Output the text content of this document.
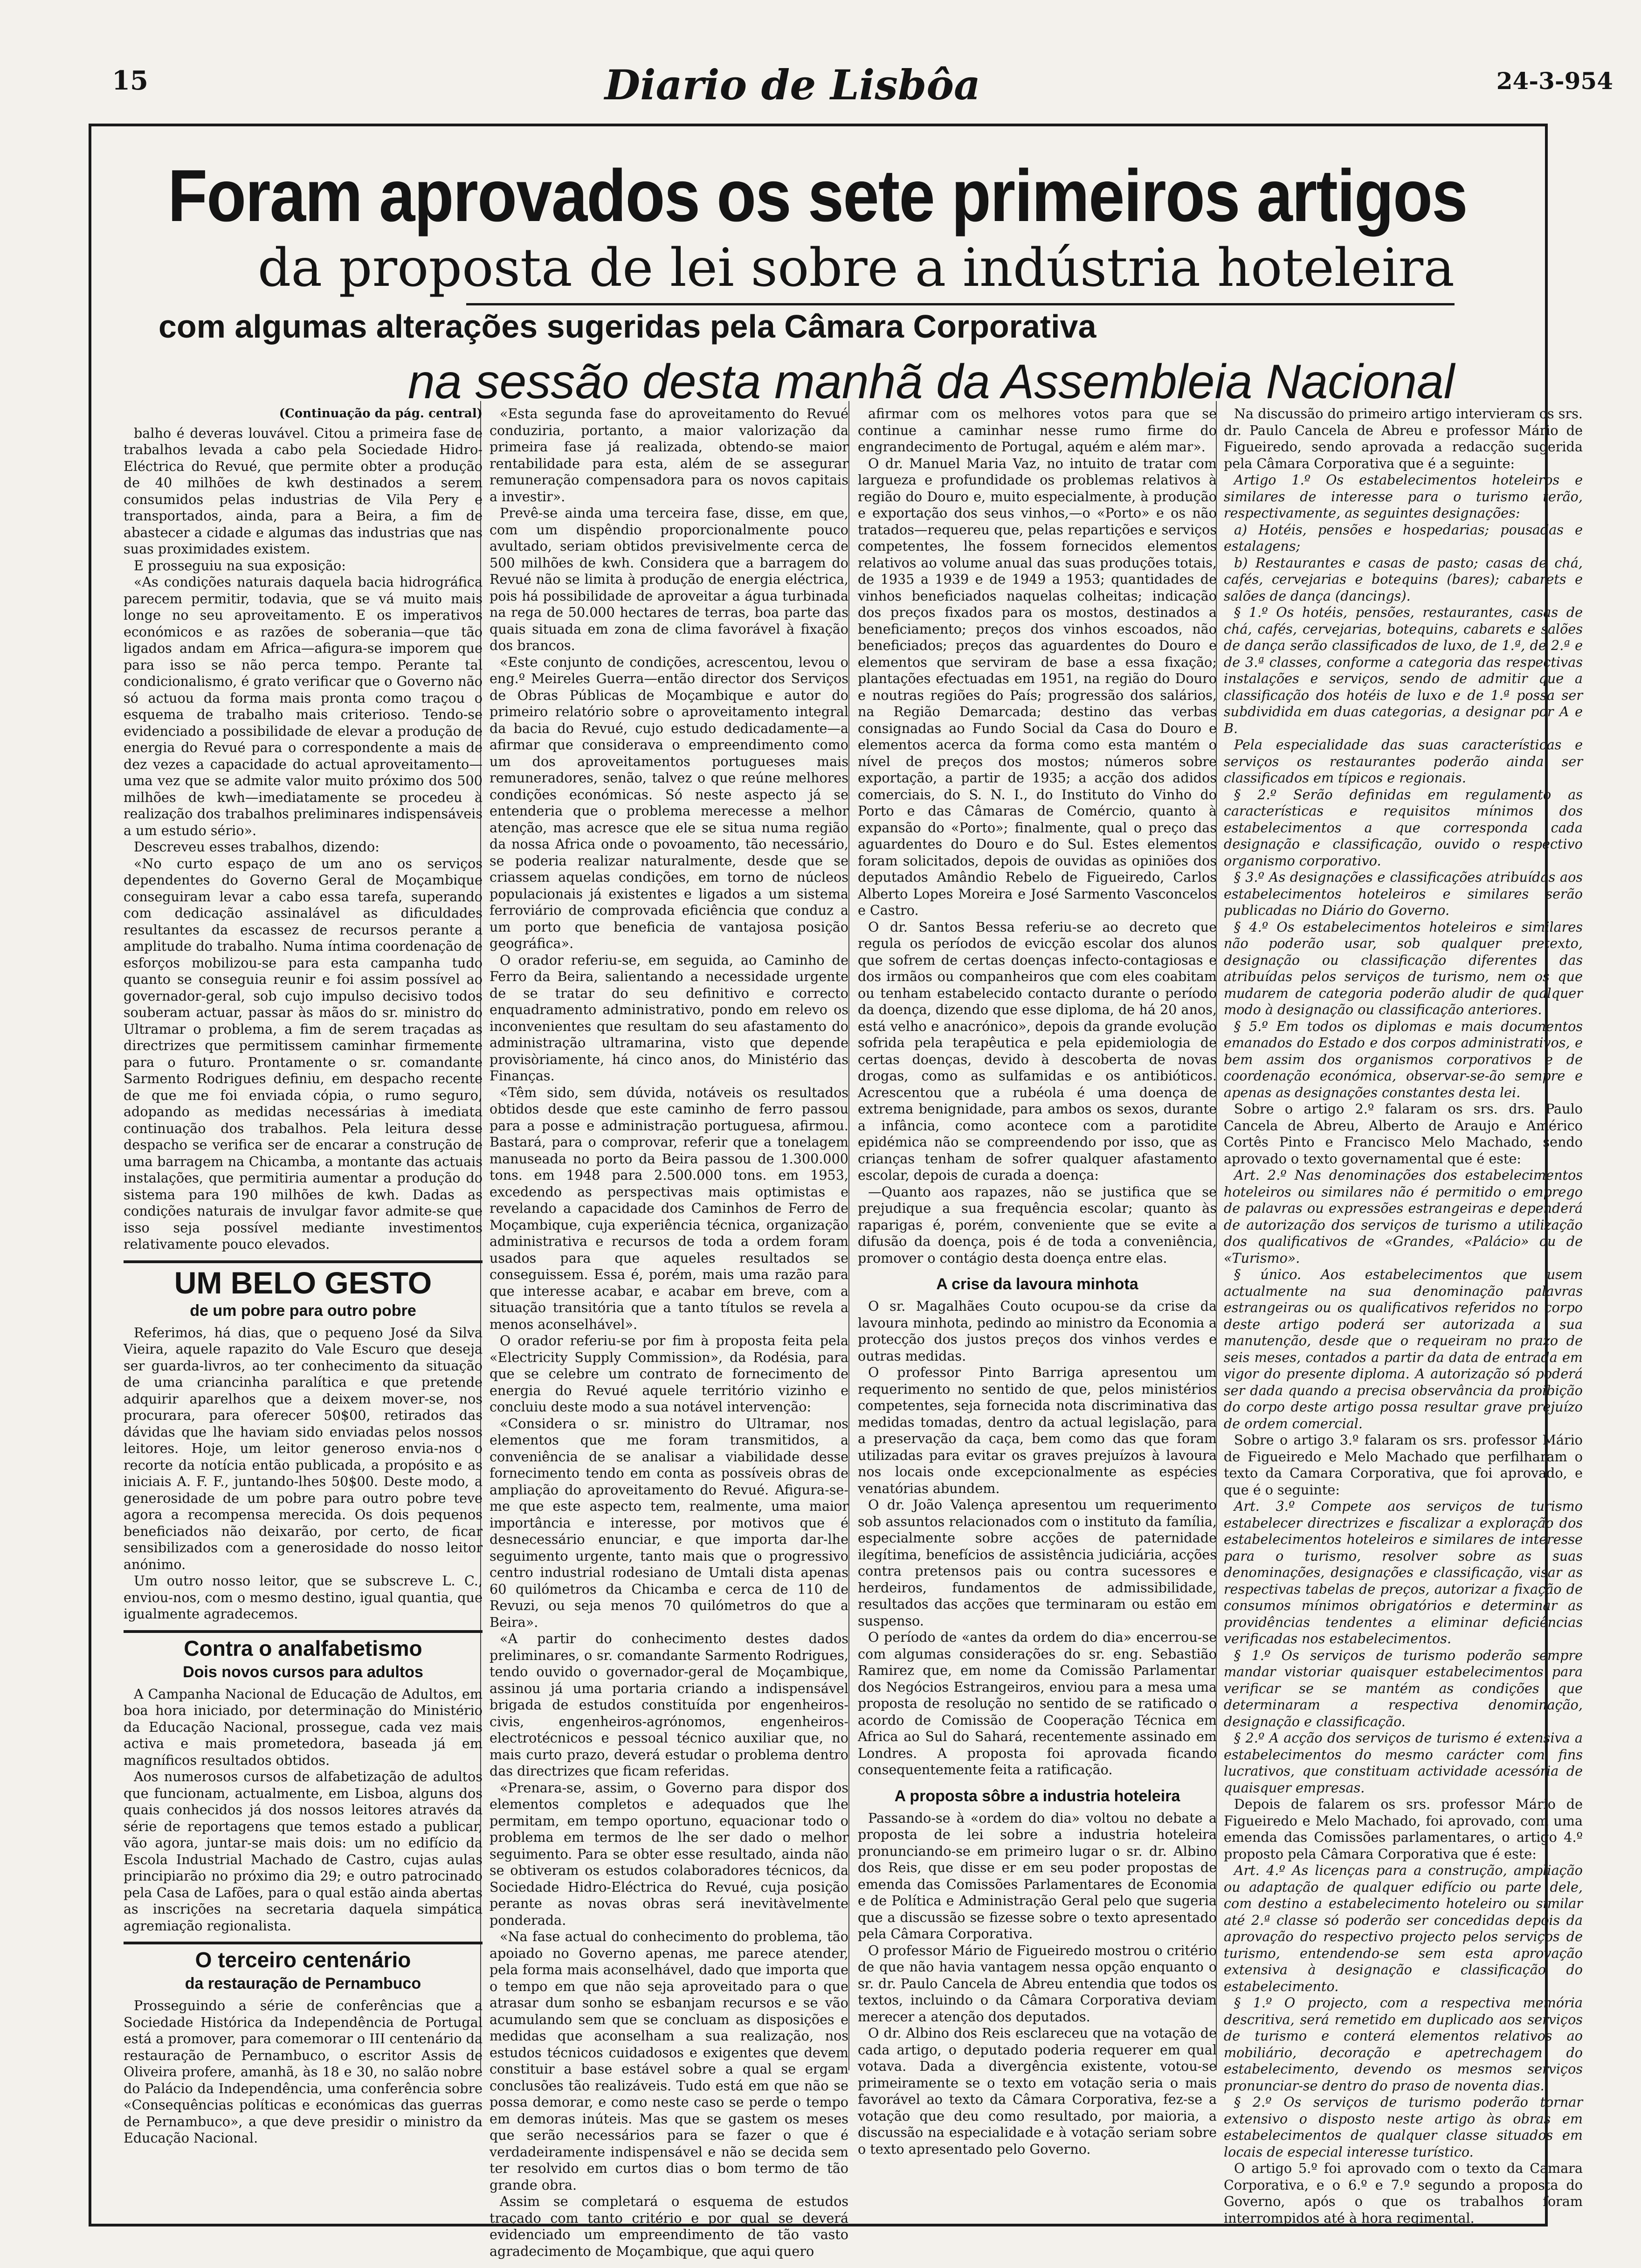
15	Diario de Lisbôa	24-3-954
Foram aprovados os sete primeiros artigos
da proposta de lei sobre a indústria hoteleira
com algumas alterações sugeridas pela Câmara Corporativa
na sessão desta manhã da Assembleia Nacional
(Continuação da pág. central)

balho é deveras louvável. Citou a primeira fase de trabalhos levada a cabo pela Sociedade Hidro-Eléctrica do Revué, que permite obter a produção de 40 milhões de kwh destinados a serem consumidos pelas industrias de Vila Pery e transportados, ainda, para a Beira, a fim de abastecer a cidade e algumas das industrias que nas suas proximidades existem.

E prosseguiu na sua exposição:

«As condições naturais daquela bacia hidrográfica parecem permitir, todavia, que se vá muito mais longe no seu aproveitamento. E os imperativos económicos e as razões de soberania—que tão ligados andam em Africa—afigura-se imporem que para isso se não perca tempo. Perante tal condicionalismo, é grato verificar que o Governo não só actuou da forma mais pronta como traçou o esquema de trabalho mais criterioso. Tendo-se evidenciado a possibilidade de elevar a produção de energia do Revué para o correspondente a mais de dez vezes a capacidade do actual aproveitamento—uma vez que se admite valor muito próximo dos 500 milhões de kwh—imediatamente se procedeu à realização dos trabalhos preliminares indispensáveis a um estudo sério».

Descreveu esses trabalhos, dizendo:

«No curto espaço de um ano os serviços dependentes do Governo Geral de Moçambique conseguiram levar a cabo essa tarefa, superando com dedicação assinalável as dificuldades resultantes da escassez de recursos perante a amplitude do trabalho. Numa íntima coordenação de esforços mobilizou-se para esta campanha tudo quanto se conseguia reunir e foi assim possível ao governador-geral, sob cujo impulso decisivo todos souberam actuar, passar às mãos do sr. ministro do Ultramar o problema, a fim de serem traçadas as directrizes que permitissem caminhar firmemente para o futuro. Prontamente o sr. comandante Sarmento Rodrigues definiu, em despacho recente de que me foi enviada cópia, o rumo seguro, adopando as medidas necessárias à imediata continuação dos trabalhos. Pela leitura desse despacho se verifica ser de encarar a construção de uma barragem na Chicamba, a montante das actuais instalações, que permitiria aumentar a produção do sistema para 190 milhões de kwh. Dadas as condições naturais de invulgar favor admite-se que isso seja possível mediante investimentos relativamente pouco elevados.

UM BELO GESTO
de um pobre para outro pobre

Referimos, há dias, que o pequeno José da Silva Vieira, aquele rapazito do Vale Escuro que deseja ser guarda-livros, ao ter conhecimento da situação de uma criancinha paralítica e que pretende adquirir aparelhos que a deixem mover-se, nos procurara, para oferecer 50$00, retirados das dávidas que lhe haviam sido enviadas pelos nossos leitores. Hoje, um leitor generoso envia-nos o recorte da notícia então publicada, a propósito e as iniciais A. F. F., juntando-lhes 50$00. Deste modo, a generosidade de um pobre para outro pobre teve agora a recompensa merecida. Os dois pequenos beneficiados não deixarão, por certo, de ficar sensibilizados com a generosidade do nosso leitor anónimo.

Um outro nosso leitor, que se subscreve L. C., enviou-nos, com o mesmo destino, igual quantia, que igualmente agradecemos.

Contra o analfabetismo
Dois novos cursos para adultos

A Campanha Nacional de Educação de Adultos, em boa hora iniciado, por determinação do Ministério da Educação Nacional, prossegue, cada vez mais activa e mais prometedora, baseada já em magníficos resultados obtidos.

Aos numerosos cursos de alfabetização de adultos que funcionam, actualmente, em Lisboa, alguns dos quais conhecidos já dos nossos leitores através da série de reportagens que temos estado a publicar, vão agora, juntar-se mais dois: um no edifício da Escola Industrial Machado de Castro, cujas aulas principiarão no próximo dia 29; e outro patrocinado pela Casa de Lafões, para o qual estão ainda abertas as inscrições na secretaria daquela simpática agremiação regionalista.

O terceiro centenário
da restauração de Pernambuco

Prosseguindo a série de conferências que a Sociedade Histórica da Independência de Portugal está a promover, para comemorar o III centenário da restauração de Pernambuco, o escritor Assis de Oliveira profere, amanhã, às 18 e 30, no salão nobre do Palácio da Independência, uma conferência sobre «Consequências políticas e económicas das guerras de Pernambuco», a que deve presidir o ministro da Educação Nacional.

«Esta segunda fase do aproveitamento do Revué conduziria, portanto, a maior valorização da primeira fase já realizada, obtendo-se maior rentabilidade para esta, além de se assegurar remuneração compensadora para os novos capitais a investir».

Prevê-se ainda uma terceira fase, disse, em que, com um dispêndio proporcionalmente pouco avultado, seriam obtidos previsivelmente cerca de 500 milhões de kwh. Considera que a barragem do Revué não se limita à produção de energia eléctrica, pois há possibilidade de aproveitar a água turbinada na rega de 50.000 hectares de terras, boa parte das quais situada em zona de clima favorável à fixação dos brancos.

«Este conjunto de condições, acrescentou, levou o eng.º Meireles Guerra—então director dos Serviços de Obras Públicas de Moçambique e autor do primeiro relatório sobre o aproveitamento integral da bacia do Revué, cujo estudo dedicadamente—a afirmar que considerava o empreendimento como um dos aproveitamentos portugueses mais remuneradores, senão, talvez o que reúne melhores condições económicas. Só neste aspecto já se entenderia que o problema merecesse a melhor atenção, mas acresce que ele se situa numa região da nossa Africa onde o povoamento, tão necessário, se poderia realizar naturalmente, desde que se criassem aquelas condições, em torno de núcleos populacionais já existentes e ligados a um sistema ferroviário de comprovada eficiência que conduz a um porto que beneficia de vantajosa posição geográfica».

O orador referiu-se, em seguida, ao Caminho de Ferro da Beira, salientando a necessidade urgente de se tratar do seu definitivo e correcto enquadramento administrativo, pondo em relevo os inconvenientes que resultam do seu afastamento do administração ultramarina, visto que depende provisòriamente, há cinco anos, do Ministério das Finanças.

«Têm sido, sem dúvida, notáveis os resultados obtidos desde que este caminho de ferro passou para a posse e administração portuguesa, afirmou. Bastará, para o comprovar, referir que a tonelagem manuseada no porto da Beira passou de 1.300.000 tons. em 1948 para 2.500.000 tons. em 1953, excedendo as perspectivas mais optimistas e revelando a capacidade dos Caminhos de Ferro de Moçambique, cuja experiência técnica, organização administrativa e recursos de toda a ordem foram usados para que aqueles resultados se conseguissem. Essa é, porém, mais uma razão para que interesse acabar, e acabar em breve, com a situação transitória que a tanto títulos se revela a menos aconselhável».

O orador referiu-se por fim à proposta feita pela «Electricity Supply Commission», da Rodésia, para que se celebre um contrato de fornecimento de energia do Revué aquele território vizinho e concluiu deste modo a sua notável intervenção:

«Considera o sr. ministro do Ultramar, nos elementos que me foram transmitidos, a conveniência de se analisar a viabilidade desse fornecimento tendo em conta as possíveis obras de ampliação do aproveitamento do Revué. Afigura-se-me que este aspecto tem, realmente, uma maior importância e interesse, por motivos que é desnecessário enunciar, e que importa dar-lhe seguimento urgente, tanto mais que o progressivo centro industrial rodesiano de Umtali dista apenas 60 quilómetros da Chicamba e cerca de 110 de Revuzi, ou seja menos 70 quilómetros do que a Beira».

«A partir do conhecimento destes dados preliminares, o sr. comandante Sarmento Rodrigues, tendo ouvido o governador-geral de Moçambique, assinou já uma portaria criando a indispensável brigada de estudos constituída por engenheiros-civis, engenheiros-agrónomos, engenheiros-electrotécnicos e pessoal técnico auxiliar que, no mais curto prazo, deverá estudar o problema dentro das directrizes que ficam referidas.

«Prenara-se, assim, o Governo para dispor dos elementos completos e adequados que lhe permitam, em tempo oportuno, equacionar todo o problema em termos de lhe ser dado o melhor seguimento. Para se obter esse resultado, ainda não se obtiveram os estudos colaboradores técnicos, da Sociedade Hidro-Eléctrica do Revué, cuja posição perante as novas obras será inevitàvelmente ponderada.

«Na fase actual do conhecimento do problema, tão apoiado no Governo apenas, me parece atender, pela forma mais aconselhável, dado que importa que o tempo em que não seja aproveitado para o que atrasar dum sonho se esbanjam recursos e se vão acumulando sem que se concluam as disposições e medidas que aconselham a sua realização, nos estudos técnicos cuidadosos e exigentes que devem constituir a base estável sobre a qual se ergam conclusões tão realizáveis. Tudo está em que não se possa demorar, e como neste caso se perde o tempo em demoras inúteis. Mas que se gastem os meses que serão necessários para se fazer o que é verdadeiramente indispensável e não se decida sem ter resolvido em curtos dias o bom termo de tão grande obra.

Assim se completará o esquema de estudos traçado com tanto critério e por qual se deverá evidenciado um empreendimento de tão vasto agradecimento de Moçambique, que aqui quero

afirmar com os melhores votos para que se continue a caminhar nesse rumo firme do engrandecimento de Portugal, aquém e além mar».

O dr. Manuel Maria Vaz, no intuito de tratar com largueza e profundidade os problemas relativos à região do Douro e, muito especialmente, à produção e exportação dos seus vinhos,—o «Porto» e os não tratados—requereu que, pelas repartições e serviços competentes, lhe fossem fornecidos elementos relativos ao volume anual das suas produções totais, de 1935 a 1939 e de 1949 a 1953; quantidades de vinhos beneficiados naquelas colheitas; indicação dos preços fixados para os mostos, destinados a beneficiamento; preços dos vinhos escoados, não beneficiados; preços das aguardentes do Douro e elementos que serviram de base a essa fixação; plantações efectuadas em 1951, na região do Douro e noutras regiões do País; progressão dos salários, na Região Demarcada; destino das verbas consignadas ao Fundo Social da Casa do Douro e elementos acerca da forma como esta mantém o nível de preços dos mostos; números sobre exportação, a partir de 1935; a acção dos adidos comerciais, do S. N. I., do Instituto do Vinho do Porto e das Câmaras de Comércio, quanto à expansão do «Porto»; finalmente, qual o preço das aguardentes do Douro e do Sul. Estes elementos foram solicitados, depois de ouvidas as opiniões dos deputados Amândio Rebelo de Figueiredo, Carlos Alberto Lopes Moreira e José Sarmento Vasconcelos e Castro.

O dr. Santos Bessa referiu-se ao decreto que regula os períodos de evicção escolar dos alunos que sofrem de certas doenças infecto-contagiosas e dos irmãos ou companheiros que com eles coabitam ou tenham estabelecido contacto durante o período da doença, dizendo que esse diploma, de há 20 anos, está velho e anacrónico», depois da grande evolução sofrida pela terapêutica e pela epidemiologia de certas doenças, devido à descoberta de novas drogas, como as sulfamidas e os antibióticos. Acrescentou que a rubéola é uma doença de extrema benignidade, para ambos os sexos, durante a infância, como acontece com a parotidite epidémica não se compreendendo por isso, que as crianças tenham de sofrer qualquer afastamento escolar, depois de curada a doença:

—Quanto aos rapazes, não se justifica que se prejudique a sua frequência escolar; quanto às raparigas é, porém, conveniente que se evite a difusão da doença, pois é de toda a conveniência, promover o contágio desta doença entre elas.

A crise da lavoura minhota

O sr. Magalhães Couto ocupou-se da crise da lavoura minhota, pedindo ao ministro da Economia a protecção dos justos preços dos vinhos verdes e outras medidas.

O professor Pinto Barriga apresentou um requerimento no sentido de que, pelos ministérios competentes, seja fornecida nota discriminativa das medidas tomadas, dentro da actual legislação, para a preservação da caça, bem como das que foram utilizadas para evitar os graves prejuízos à lavoura nos locais onde excepcionalmente as espécies venatórias abundem.

O dr. João Valença apresentou um requerimento sob assuntos relacionados com o instituto da família, especialmente sobre acções de paternidade ilegítima, benefícios de assistência judiciária, acções contra pretensos pais ou contra sucessores e herdeiros, fundamentos de admissibilidade, resultados das acções que terminaram ou estão em suspenso.

O período de «antes da ordem do dia» encerrou-se com algumas considerações do sr. eng. Sebastião Ramirez que, em nome da Comissão Parlamentar dos Negócios Estrangeiros, enviou para a mesa uma proposta de resolução no sentido de se ratificado o acordo de Comissão de Cooperação Técnica em Africa ao Sul do Sahará, recentemente assinado em Londres. A proposta foi aprovada ficando consequentemente feita a ratificação.

A proposta sôbre a industria hoteleira

Passando-se à «ordem do dia» voltou no debate a proposta de lei sobre a industria hoteleira pronunciando-se em primeiro lugar o sr. dr. Albino dos Reis, que disse er em seu poder propostas de emenda das Comissões Parlamentares de Economia e de Política e Administração Geral pelo que sugeria que a discussão se fizesse sobre o texto apresentado pela Câmara Corporativa.

O professor Mário de Figueiredo mostrou o critério de que não havia vantagem nessa opção enquanto o sr. dr. Paulo Cancela de Abreu entendia que todos os textos, incluindo o da Câmara Corporativa deviam merecer a atenção dos deputados.

O dr. Albino dos Reis esclareceu que na votação de cada artigo, o deputado poderia requerer em qual votava. Dada a divergência existente, votou-se primeiramente se o texto em votação seria o mais favorável ao texto da Câmara Corporativa, fez-se a votação que deu como resultado, por maioria, a discussão na especialidade e à votação seriam sobre o texto apresentado pelo Governo.

Na discussão do primeiro artigo intervieram os srs. dr. Paulo Cancela de Abreu e professor Mário de Figueiredo, sendo aprovada a redacção sugerida pela Câmara Corporativa que é a seguinte:

Artigo 1.º Os estabelecimentos hoteleiros e similares de interesse para o turismo terão, respectivamente, as seguintes designações:

a) Hotéis, pensões e hospedarias; pousadas e estalagens;

b) Restaurantes e casas de pasto; casas de chá, cafés, cervejarias e botequins (bares); cabarets e salões de dança (dancings).

§ 1.º Os hotéis, pensões, restaurantes, casas de chá, cafés, cervejarias, botequins, cabarets e salões de dança serão classificados de luxo, de 1.ª, de 2.ª e de 3.ª classes, conforme a categoria das respectivas instalações e serviços, sendo de admitir que a classificação dos hotéis de luxo e de 1.ª possa ser subdividida em duas categorias, a designar por A e B.

Pela especialidade das suas características e serviços os restaurantes poderão ainda ser classificados em típicos e regionais.

§ 2.º Serão definidas em regulamento as características e requisitos mínimos dos estabelecimentos a que corresponda cada designação e classificação, ouvido o respectivo organismo corporativo.

§ 3.º As designações e classificações atribuídas aos estabelecimentos hoteleiros e similares serão publicadas no Diário do Governo.

§ 4.º Os estabelecimentos hoteleiros e similares não poderão usar, sob qualquer pretexto, designação ou classificação diferentes das atribuídas pelos serviços de turismo, nem os que mudarem de categoria poderão aludir de qualquer modo à designação ou classificação anteriores.

§ 5.º Em todos os diplomas e mais documentos emanados do Estado e dos corpos administrativos, e bem assim dos organismos corporativos e de coordenação económica, observar-se-ão sempre e apenas as designações constantes desta lei.

Sobre o artigo 2.º falaram os srs. drs. Paulo Cancela de Abreu, Alberto de Araujo e Américo Cortês Pinto e Francisco Melo Machado, sendo aprovado o texto governamental que é este:

Art. 2.º Nas denominações dos estabelecimentos hoteleiros ou similares não é permitido o emprego de palavras ou expressões estrangeiras e dependerá de autorização dos serviços de turismo a utilização dos qualificativos de «Grandes, «Palácio» ou de «Turismo».

§ único. Aos estabelecimentos que usem actualmente na sua denominação palavras estrangeiras ou os qualificativos referidos no corpo deste artigo poderá ser autorizada a sua manutenção, desde que o requeiram no prazo de seis meses, contados a partir da data de entrada em vigor do presente diploma. A autorização só poderá ser dada quando a precisa observância da proibição do corpo deste artigo possa resultar grave prejuízo de ordem comercial.

Sobre o artigo 3.º falaram os srs. professor Mário de Figueiredo e Melo Machado que perfilharam o texto da Camara Corporativa, que foi aprovado, e que é o seguinte:

Art. 3.º Compete aos serviços de turismo estabelecer directrizes e fiscalizar a exploração dos estabelecimentos hoteleiros e similares de interesse para o turismo, resolver sobre as suas denominações, designações e classificação, visar as respectivas tabelas de preços, autorizar a fixação de consumos mínimos obrigatórios e determinar as providências tendentes a eliminar deficiências verificadas nos estabelecimentos.

§ 1.º Os serviços de turismo poderão sempre mandar vistoriar quaisquer estabelecimentos para verificar se se mantém as condições que determinaram a respectiva denominação, designação e classificação.

§ 2.º A acção dos serviços de turismo é extensiva a estabelecimentos do mesmo carácter com fins lucrativos, que constituam actividade acessória de quaisquer empresas.

Depois de falarem os srs. professor Mário de Figueiredo e Melo Machado, foi aprovado, com uma emenda das Comissões parlamentares, o artigo 4.º proposto pela Câmara Corporativa que é este:

Art. 4.º As licenças para a construção, ampliação ou adaptação de qualquer edifício ou parte dele, com destino a estabelecimento hoteleiro ou similar até 2.ª classe só poderão ser concedidas depois da aprovação do respectivo projecto pelos serviços de turismo, entendendo-se sem esta aprovação extensiva à designação e classificação do estabelecimento.

§ 1.º O projecto, com a respectiva memória descritiva, será remetido em duplicado aos serviços de turismo e conterá elementos relativos ao mobiliário, decoração e apetrechagem do estabelecimento, devendo os mesmos serviços pronunciar-se dentro do praso de noventa dias.

§ 2.º Os serviços de turismo poderão tornar extensivo o disposto neste artigo às obras em estabelecimentos de qualquer classe situados em locais de especial interesse turístico.

O artigo 5.º foi aprovado com o texto da Camara Corporativa, e o 6.º e 7.º segundo a proposta do Governo, após o que os trabalhos foram interrompidos até à hora regimental.
